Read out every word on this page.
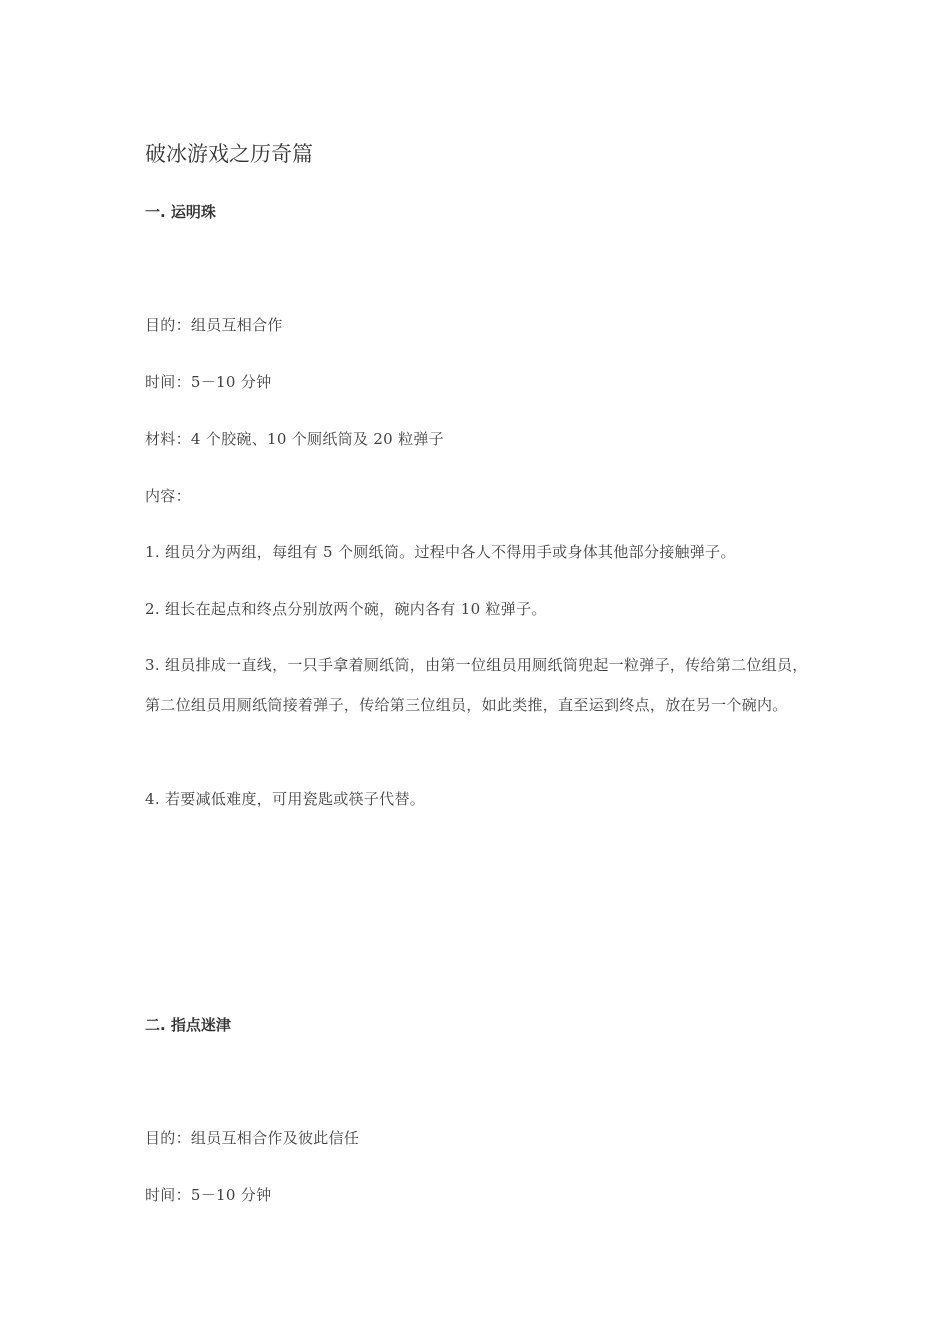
破冰游戏之历奇篇
一. 运明珠
目的：组员互相合作
时间：5－10 分钟
材料：4 个胶碗、10 个厕纸筒及 20 粒弹子
内容：
1. 组员分为两组，每组有 5 个厕纸筒。过程中各人不得用手或身体其他部分接触弹子。
2. 组长在起点和终点分别放两个碗，碗内各有 10 粒弹子。
3. 组员排成一直线，一只手拿着厕纸筒，由第一位组员用厕纸筒兜起一粒弹子，传给第二位组员，第二位组员用厕纸筒接着弹子，传给第三位组员，如此类推，直至运到终点，放在另一个碗内。
4. 若要减低难度，可用瓷匙或筷子代替。
二. 指点迷津
目的：组员互相合作及彼此信任
时间：5－10 分钟
